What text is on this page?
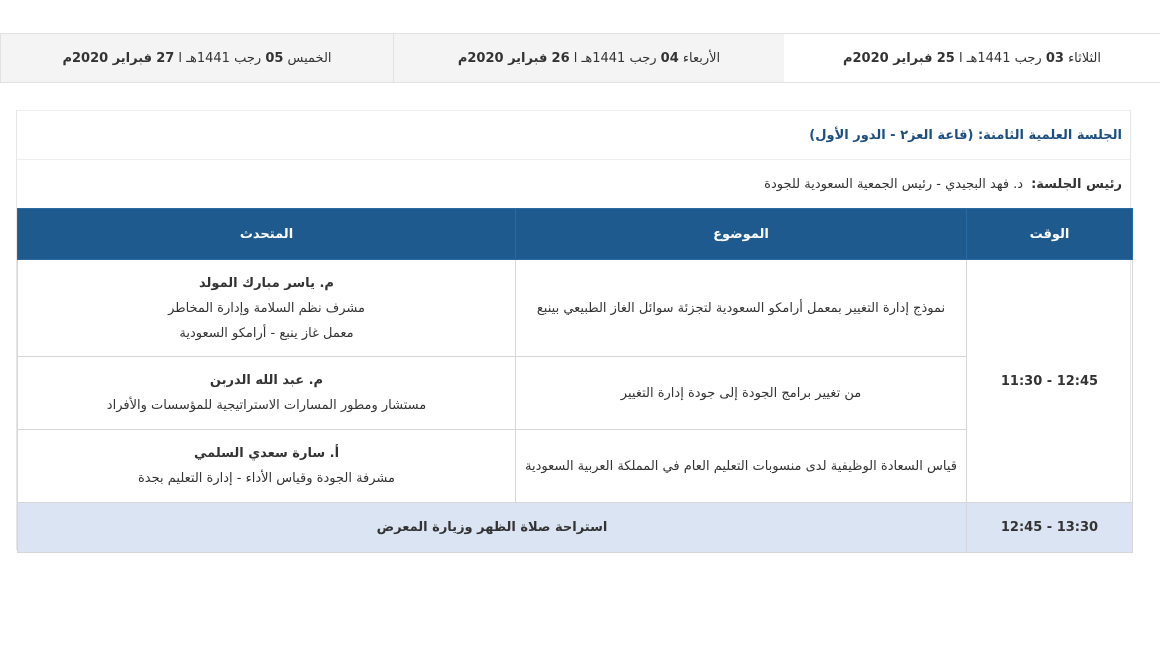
الثلاثاء

03

رجب 1441هـ

ا

25

فبراير 2020م
الأربعاء

04

رجب 1441هـ

ا

26

فبراير 2020م
الخميس

05

رجب 1441هـ

ا

27

فبراير 2020م
الجلسة العلمية الثامنة: (قاعة العز٢ - الدور الأول)
رئيس الجلسة:
د. فهد البجيدي - رئيس الجمعية السعودية للجودة
الوقت	الموضوع	المتحدث
11:30 - 12:45	نموذج إدارة التغيير بمعمل أرامكو السعودية لتجزئة سوائل الغاز الطبيعي بينبع	م. ياسر مبارك المولد
مشرف نظم السلامة وإدارة المخاطر
معمل غاز ينبع - أرامكو السعودية

	من تغيير برامج الجودة إلى جودة إدارة التغيير	م. عبد الله الدربن
مستشار ومطور المسارات الاستراتيجية للمؤسسات والأفراد

	قياس السعادة الوظيفية لدى منسوبات التعليم العام في المملكة العربية السعودية	أ. سارة سعدي السلمي
مشرفة الجودة وقياس الأداء - إدارة التعليم بجدة

12:45 - 13:30	استراحة صلاة الظهر وزيارة المعرض	
